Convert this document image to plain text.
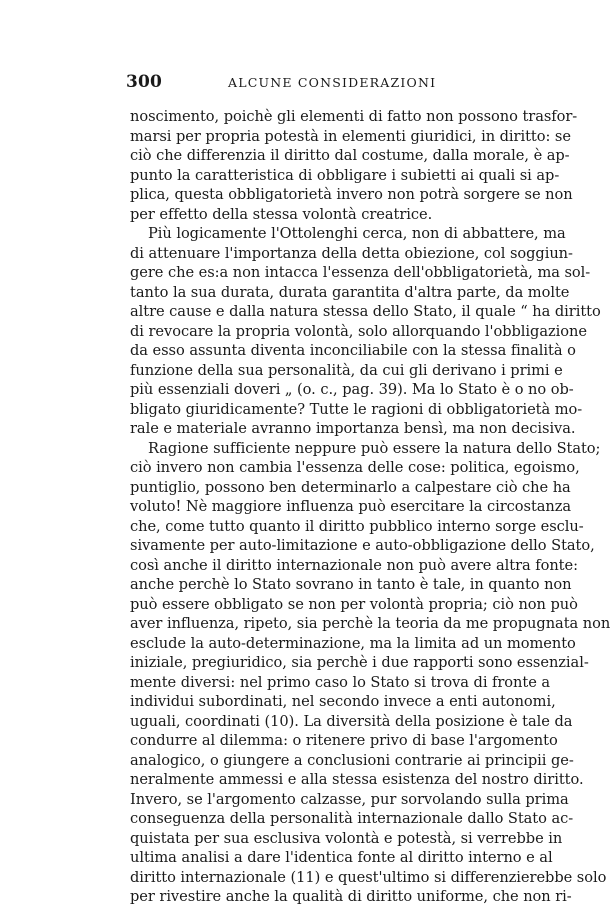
300	ALCUNE CONSIDERAZIONI
noscimento, poichè gli elementi di fatto non possono trasfor-
marsi per propria potestà in elementi giuridici, in diritto: se
ciò che differenzia il diritto dal costume, dalla morale, è ap-
punto la caratteristica di obbligare i subietti ai quali si ap-
plica, questa obbligatorietà invero non potrà sorgere se non
per effetto della stessa volontà creatrice.
Più logicamente l'Ottolenghi cerca, non di abbattere, ma
di attenuare l'importanza della detta obiezione, col soggiun-
gere che es:a non intacca l'essenza dell'obbligatorietà, ma sol-
tanto la sua durata, durata garantita d'altra parte, da molte
altre cause e dalla natura stessa dello Stato, il quale “ ha diritto
di revocare la propria volontà, solo allorquando l'obbligazione
da esso assunta diventa inconciliabile con la stessa finalità o
funzione della sua personalità, da cui gli derivano i primi e
più essenziali doveri „ (o. c., pag. 39). Ma lo Stato è o no ob-
bligato giuridicamente? Tutte le ragioni di obbligatorietà mo-
rale e materiale avranno importanza bensì, ma non decisiva.
Ragione sufficiente neppure può essere la natura dello Stato;
ciò invero non cambia l'essenza delle cose: politica, egoismo,
puntiglio, possono ben determinarlo a calpestare ciò che ha
voluto! Nè maggiore influenza può esercitare la circostanza
che, come tutto quanto il diritto pubblico interno sorge esclu-
sivamente per auto-limitazione e auto-obbligazione dello Stato,
così anche il diritto internazionale non può avere altra fonte:
anche perchè lo Stato sovrano in tanto è tale, in quanto non
può essere obbligato se non per volontà propria; ciò non può
aver influenza, ripeto, sia perchè la teoria da me propugnata non
esclude la auto-determinazione, ma la limita ad un momento
iniziale, pregiuridico, sia perchè i due rapporti sono essenzial-
mente diversi: nel primo caso lo Stato si trova di fronte a
individui subordinati, nel secondo invece a enti autonomi,
uguali, coordinati (10). La diversità della posizione è tale da
condurre al dilemma: o ritenere privo di base l'argomento
analogico, o giungere a conclusioni contrarie ai principii ge-
neralmente ammessi e alla stessa esistenza del nostro diritto.
Invero, se l'argomento calzasse, pur sorvolando sulla prima
conseguenza della personalità internazionale dallo Stato ac-
quistata per sua esclusiva volontà e potestà, si verrebbe in
ultima analisi a dare l'identica fonte al diritto interno e al
diritto internazionale (11) e quest'ultimo si differenzierebbe solo
per rivestire anche la qualità di diritto uniforme, che non ri-
